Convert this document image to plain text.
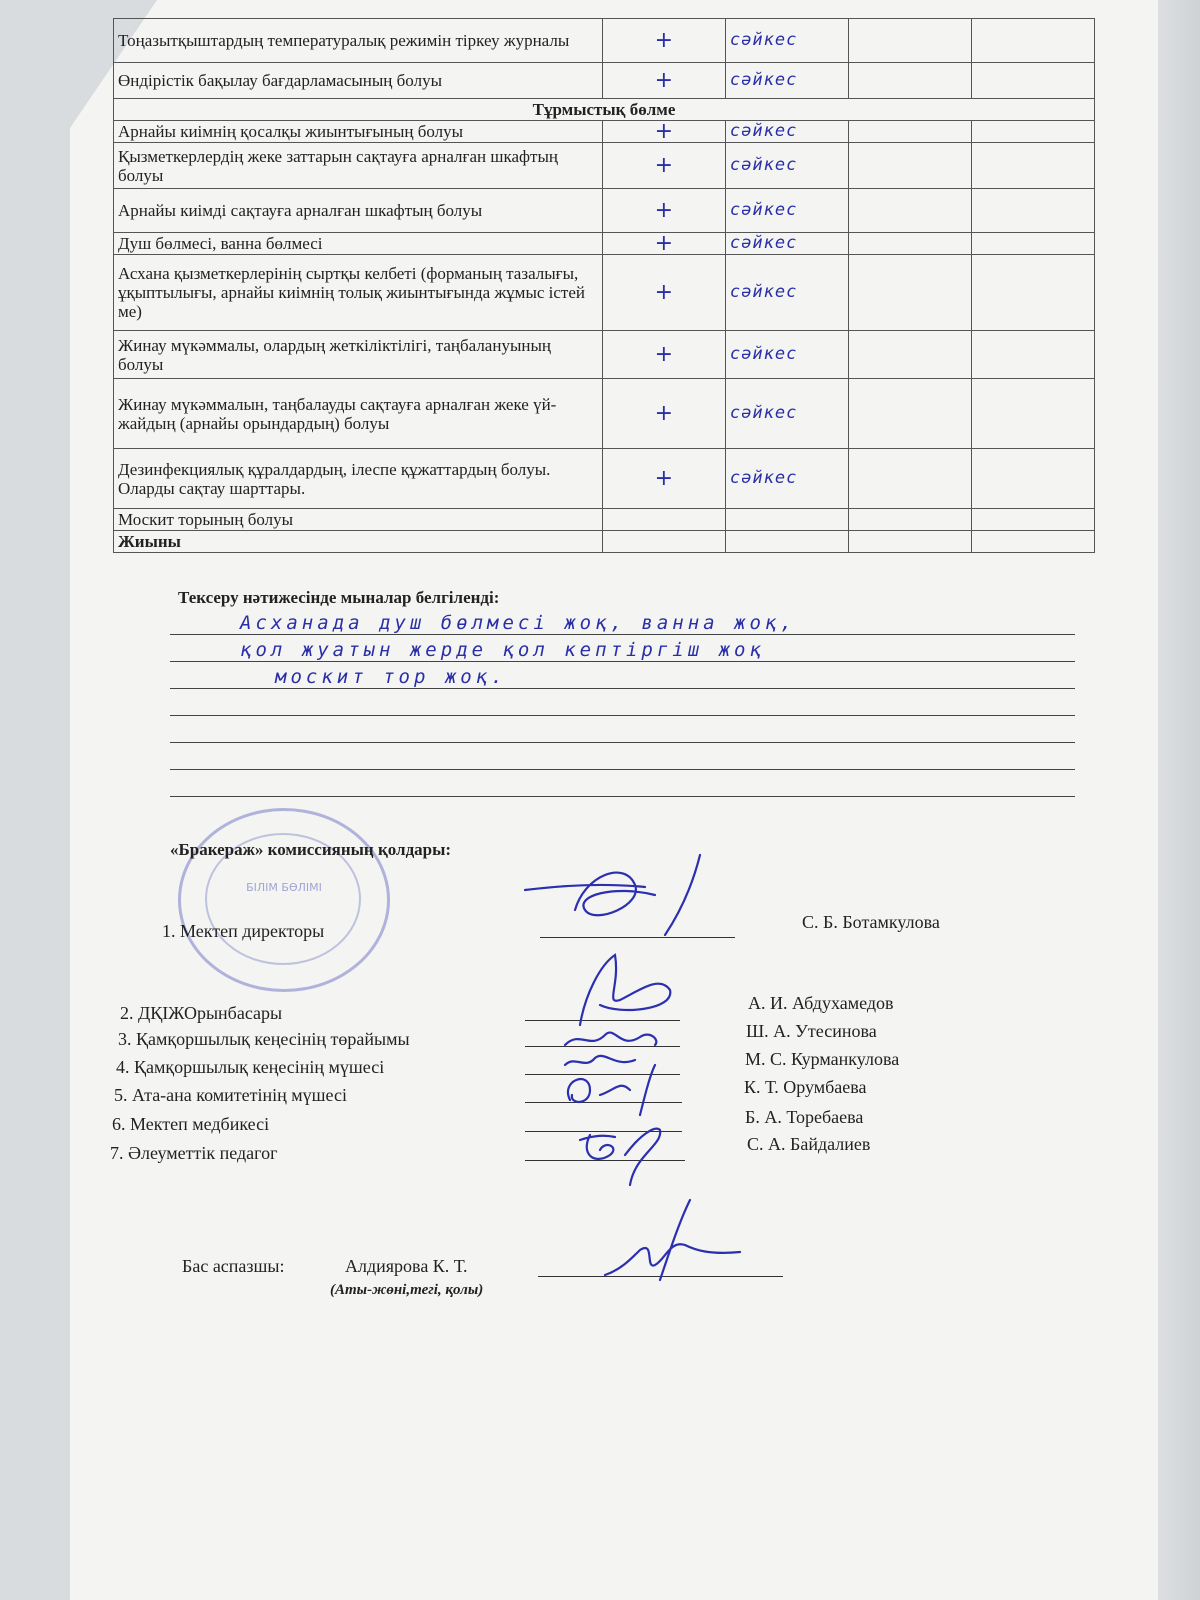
Тоңазытқыштардың температуралық режимін тіркеу журналы	+	сәйкес		
Өндірістік бақылау бағдарламасының болуы	+	сәйкес		
Тұрмыстық бөлме				
Арнайы киімнің қосалқы жиынтығының болуы	+	сәйкес		
Қызметкерлердің жеке заттарын сақтауға арналған шкафтың болуы	+	сәйкес		
Арнайы киімді сақтауға арналған шкафтың болуы	+	сәйкес		
Душ бөлмесі, ванна бөлмесі	+	сәйкес		
Асхана қызметкерлерінің сыртқы келбеті (форманың тазалығы, ұқыптылығы, арнайы киімнің толық жиынтығында жұмыс істей ме)	+	сәйкес		
Жинау мүкәммалы, олардың жеткіліктілігі, таңбалануының болуы	+	сәйкес		
Жинау мүкәммалын, таңбалауды сақтауға арналған жеке үй-жайдың (арнайы орындардың) болуы	+	сәйкес		
Дезинфекциялық құралдардың, ілеспе құжаттардың болуы. Оларды сақтау шарттары.	+	сәйкес		
Москит торының болуы				
Жиыны				
Тексеру нәтижесінде мыналар белгіленді:
Асханада душ бөлмесі жоқ, ванна жоқ,
қол жуатын жерде қол кептіргіш жоқ
москит тор жоқ.
БІЛІМ БӨЛІМІ
«Бракераж» комиссияның қолдары:
1. Мектеп директоры	С. Б. Ботамкулова
2. ДҚІЖОрынбасары	А. И. Абдухамедов
3. Қамқоршылық кеңесінің төрайымы	Ш. А. Утесинова
4. Қамқоршылық кеңесінің мүшесі	М. С. Курманкулова
5. Ата-ана комитетінің мүшесі	К. Т. Орумбаева
6. Мектеп медбикесі	Б. А. Торебаева
7. Әлеуметтік педагог	С. А. Байдалиев
Бас аспазшы:	Алдиярова К. Т.
(Аты-жөні,тегі, қолы)
